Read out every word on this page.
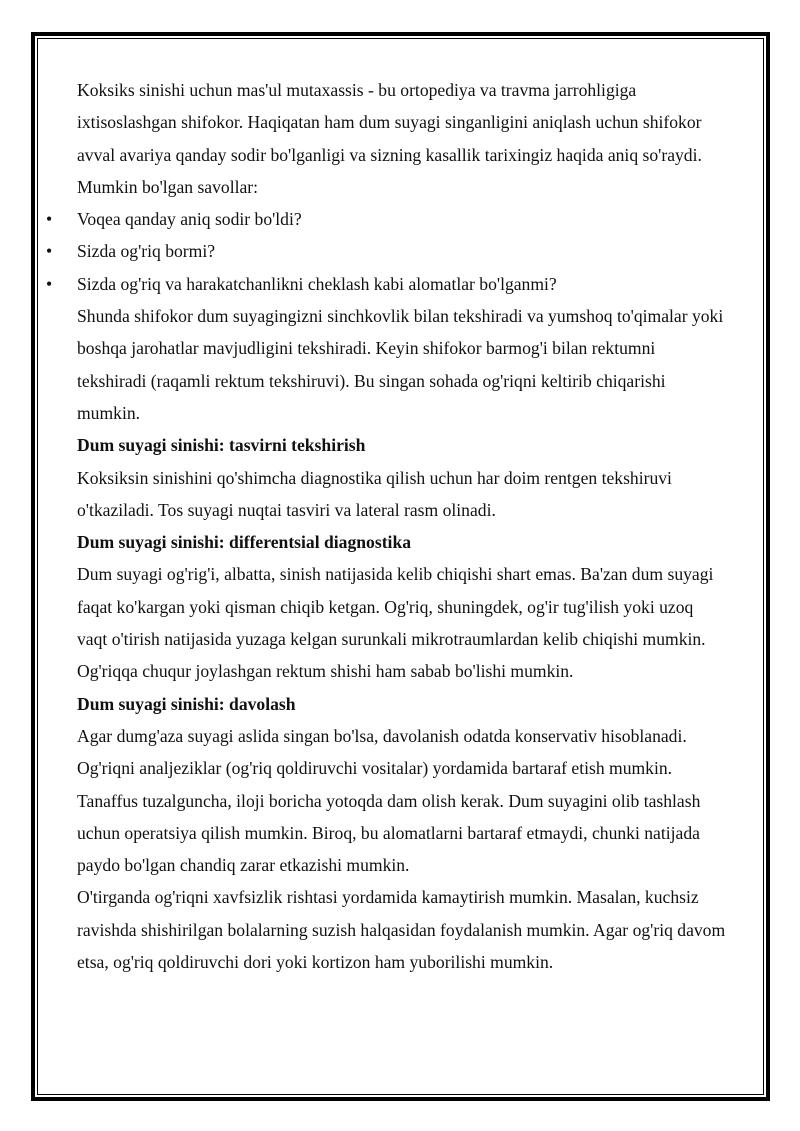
Koksiks sinishi uchun mas'ul mutaxassis - bu ortopediya va travma jarrohligiga ixtisoslashgan shifokor. Haqiqatan ham dum suyagi singanligini aniqlash uchun shifokor avval avariya qanday sodir bo'lganligi va sizning kasallik tarixingiz haqida aniq so'raydi. Mumkin bo'lgan savollar:

• Voqea qanday aniq sodir bo'ldi?
• Sizda og'riq bormi?
• Sizda og'riq va harakatchanlikni cheklash kabi alomatlar bo'lganmi?

Shunda shifokor dum suyagingizni sinchkovlik bilan tekshiradi va yumshoq to'qimalar yoki boshqa jarohatlar mavjudligini tekshiradi. Keyin shifokor barmog'i bilan rektumni tekshiradi (raqamli rektum tekshiruvi). Bu singan sohada og'riqni keltirib chiqarishi mumkin.

Dum suyagi sinishi: tasvirni tekshirish

Koksiksin sinishini qo'shimcha diagnostika qilish uchun har doim rentgen tekshiruvi o'tkaziladi. Tos suyagi nuqtai tasviri va lateral rasm olinadi.

Dum suyagi sinishi: differentsial diagnostika

Dum suyagi og'rig'i, albatta, sinish natijasida kelib chiqishi shart emas. Ba'zan dum suyagi faqat ko'kargan yoki qisman chiqib ketgan. Og'riq, shuningdek, og'ir tug'ilish yoki uzoq vaqt o'tirish natijasida yuzaga kelgan surunkali mikrotraumlardan kelib chiqishi mumkin. Og'riqqa chuqur joylashgan rektum shishi ham sabab bo'lishi mumkin.

Dum suyagi sinishi: davolash

Agar dumg'aza suyagi aslida singan bo'lsa, davolanish odatda konservativ hisoblanadi. Og'riqni analjeziklar (og'riq qoldiruvchi vositalar) yordamida bartaraf etish mumkin. Tanaffus tuzalguncha, iloji boricha yotoqda dam olish kerak. Dum suyagini olib tashlash uchun operatsiya qilish mumkin. Biroq, bu alomatlarni bartaraf etmaydi, chunki natijada paydo bo'lgan chandiq zarar etkazishi mumkin.

O'tirganda og'riqni xavfsizlik rishtasi yordamida kamaytirish mumkin. Masalan, kuchsiz ravishda shishirilgan bolalarning suzish halqasidan foydalanish mumkin. Agar og'riq davom etsa, og'riq qoldiruvchi dori yoki kortizon ham yuborilishi mumkin.
